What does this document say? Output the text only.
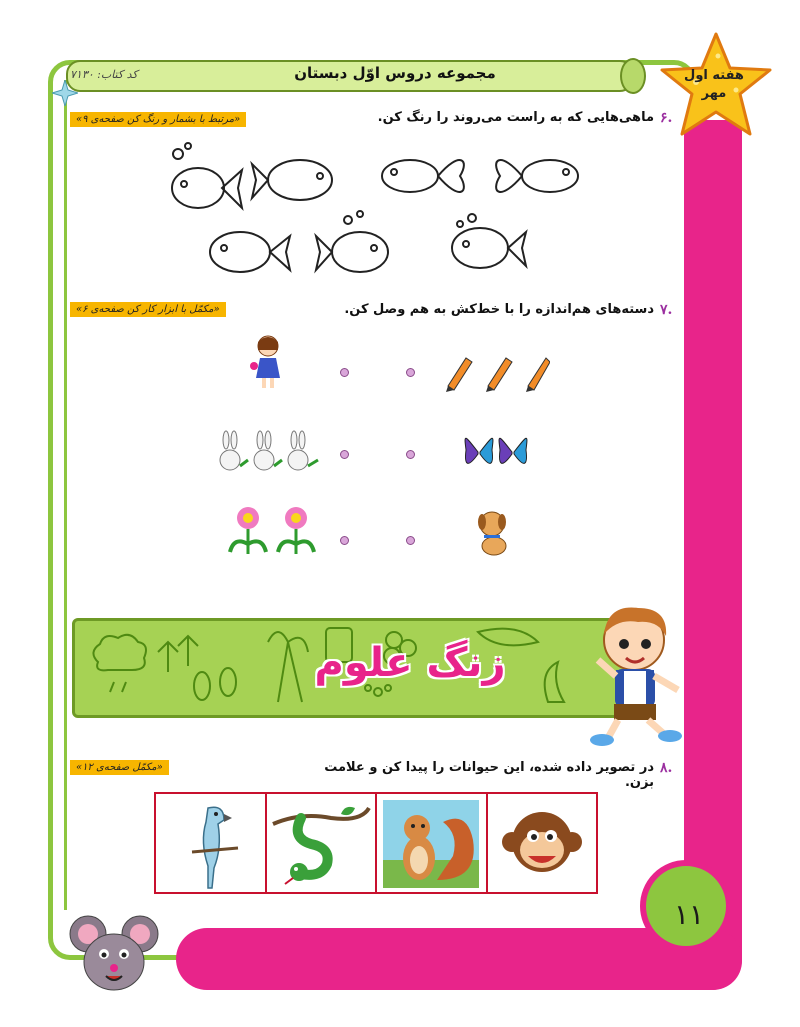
۱۱
مجموعه دروس اوّل دبستان
کد کتاب: ۷۱۳۰	هفته اول
مهر
۶.
ماهی‌هایی که به راست می‌روند را رنگ کن.
«مرتبط با بشمار و رنگ کن صفحه‌ی ۹»
۷.
دسته‌های هم‌اندازه را با خط‌کش به هم وصل کن.
«مکمّل با ابزار کار کن صفحه‌ی ۶»
زنگ علوم
۸.
در تصویر داده شده، این حیوانات را پیدا کن و علامت بزن.
«مکمّل صفحه‌ی ۱۲»
